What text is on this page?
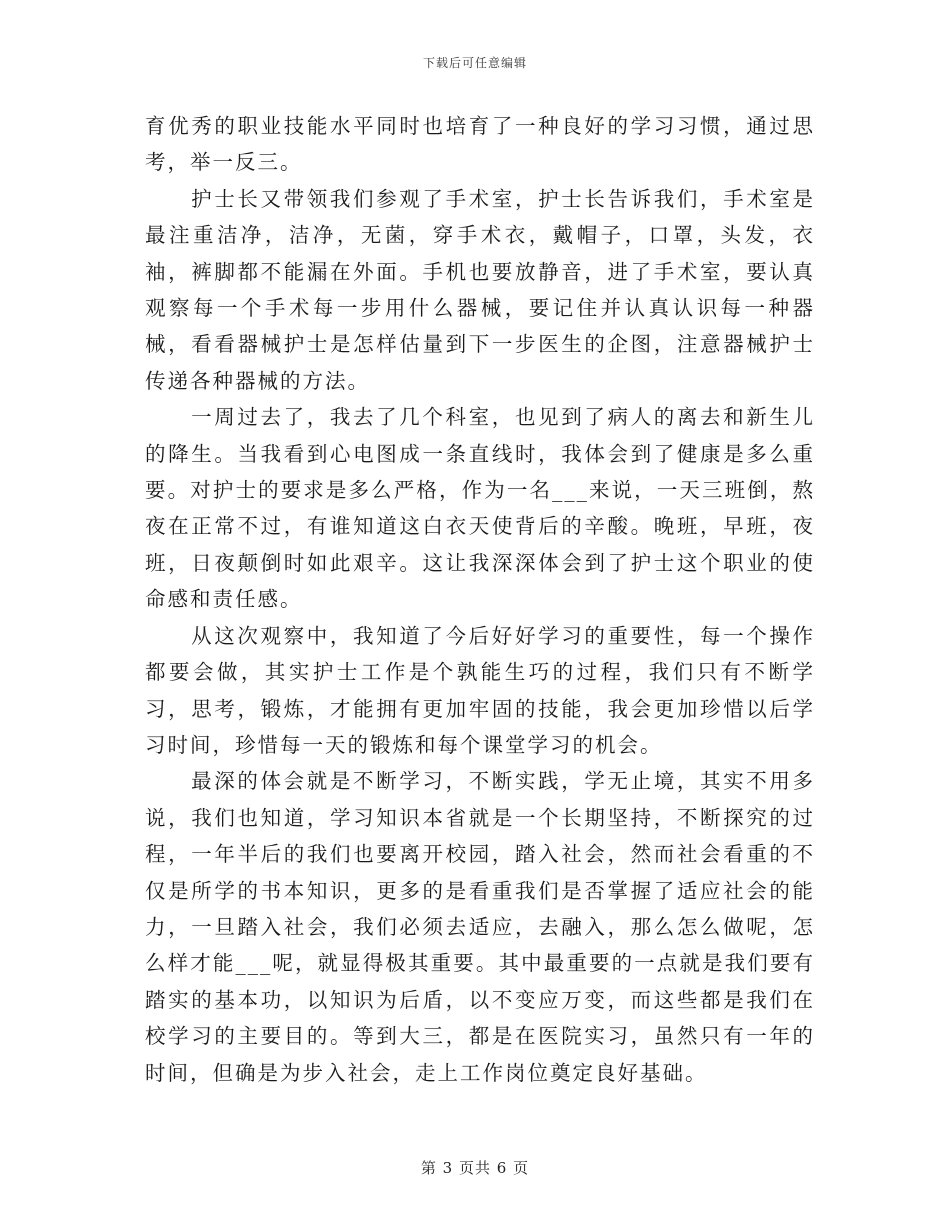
下载后可任意编辑

育优秀的职业技能水平同时也培育了一种良好的学习习惯，通过思考，举一反三。

护士长又带领我们参观了手术室，护士长告诉我们，手术室是最注重洁净，洁净，无菌，穿手术衣，戴帽子，口罩，头发，衣袖，裤脚都不能漏在外面。手机也要放静音，进了手术室，要认真观察每一个手术每一步用什么器械，要记住并认真认识每一种器械，看看器械护士是怎样估量到下一步医生的企图，注意器械护士传递各种器械的方法。

一周过去了，我去了几个科室，也见到了病人的离去和新生儿的降生。当我看到心电图成一条直线时，我体会到了健康是多么重要。对护士的要求是多么严格，作为一名___来说，一天三班倒，熬夜在正常不过，有谁知道这白衣天使背后的辛酸。晚班，早班，夜班，日夜颠倒时如此艰辛。这让我深深体会到了护士这个职业的使命感和责任感。

从这次观察中，我知道了今后好好学习的重要性，每一个操作都要会做，其实护士工作是个孰能生巧的过程，我们只有不断学习，思考，锻炼，才能拥有更加牢固的技能，我会更加珍惜以后学习时间，珍惜每一天的锻炼和每个课堂学习的机会。

最深的体会就是不断学习，不断实践，学无止境，其实不用多说，我们也知道，学习知识本省就是一个长期坚持，不断探究的过程，一年半后的我们也要离开校园，踏入社会，然而社会看重的不仅是所学的书本知识，更多的是看重我们是否掌握了适应社会的能力，一旦踏入社会，我们必须去适应，去融入，那么怎么做呢，怎么样才能___呢，就显得极其重要。其中最重要的一点就是我们要有踏实的基本功，以知识为后盾，以不变应万变，而这些都是我们在校学习的主要目的。等到大三，都是在医院实习，虽然只有一年的时间，但确是为步入社会，走上工作岗位奠定良好基础。

第 3 页共 6 页
